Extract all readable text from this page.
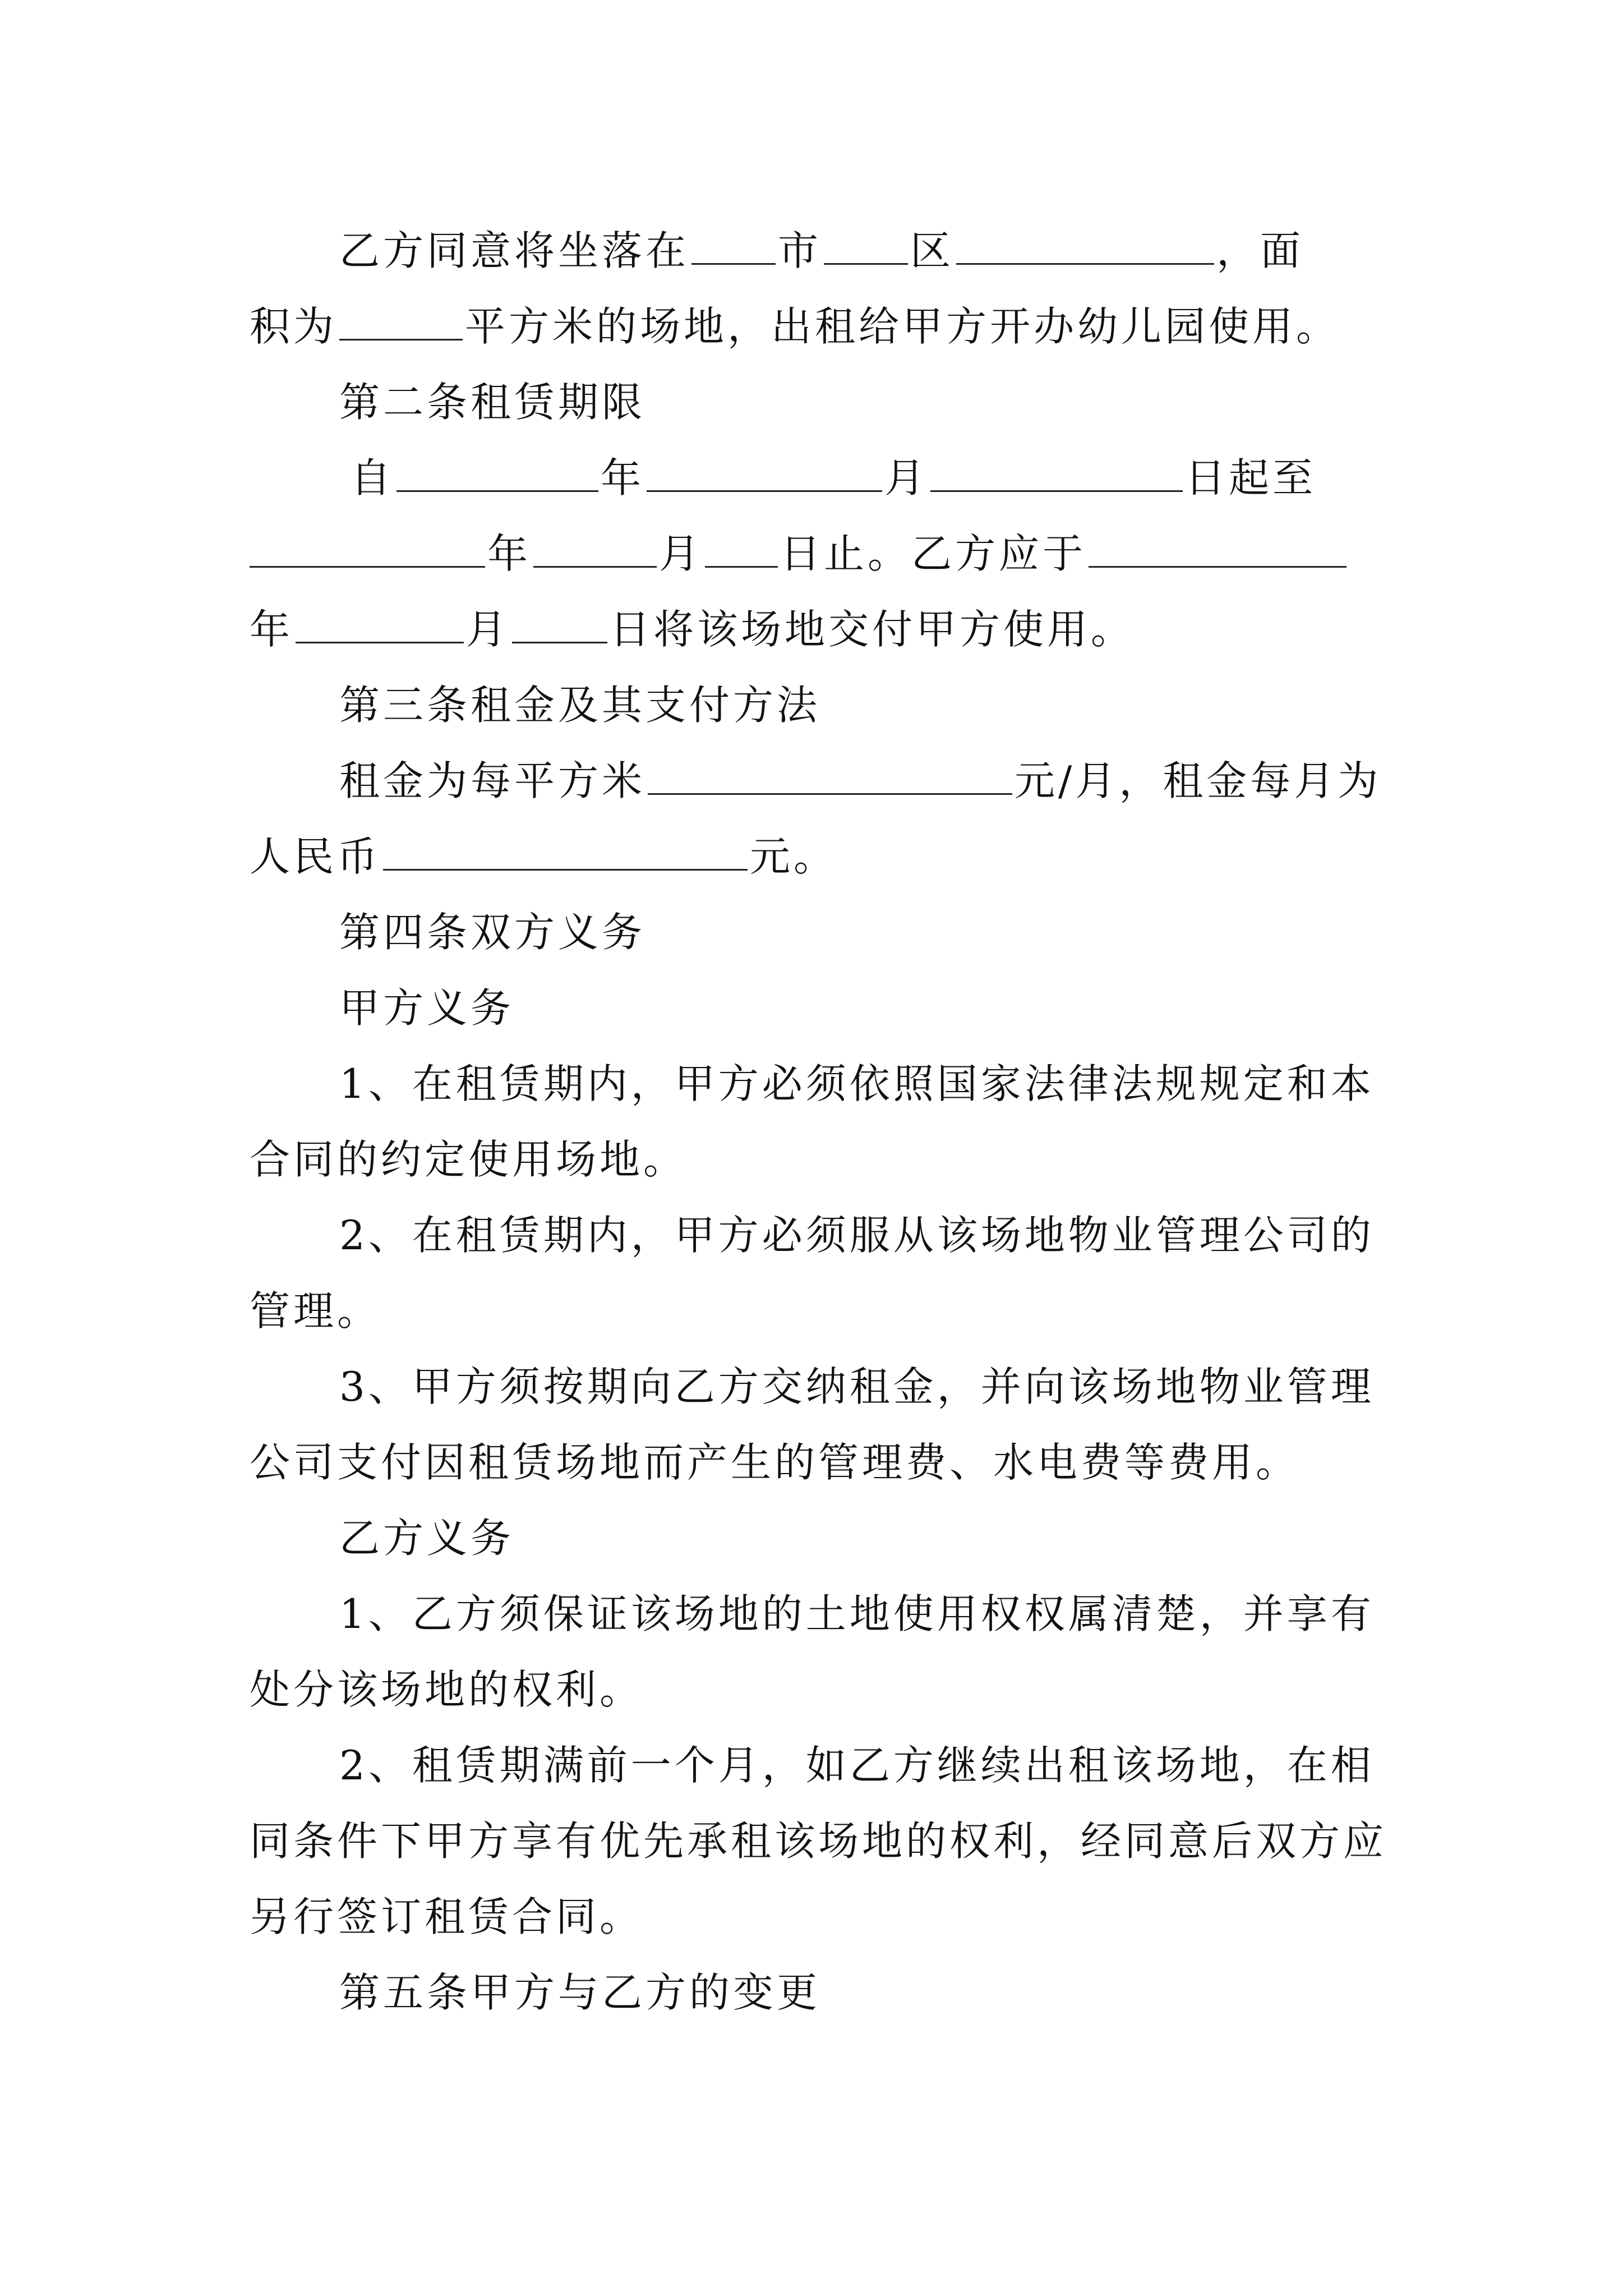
乙方同意将坐落在 市 区	，面
积为	平方米的场地，出租给甲方开办幼儿园使用。
第二条租赁期限
自	年	月	日起至
年	月 日止。乙方应于
年	月 日将该场地交付甲方使用。
第三条租金及其支付方法
租金为每平方米	元/月，租金每月为
人民币	元。
第四条双方义务
甲方义务
1、在租赁期内，甲方必须依照国家法律法规规定和本
合同的约定使用场地。
2、在租赁期内，甲方必须服从该场地物业管理公司的
管理。
3、甲方须按期向乙方交纳租金，并向该场地物业管理
公司支付因租赁场地而产生的管理费、水电费等费用。
乙方义务
1、乙方须保证该场地的土地使用权权属清楚，并享有
处分该场地的权利。
2、租赁期满前一个月，如乙方继续出租该场地，在相
同条件下甲方享有优先承租该场地的权利，经同意后双方应
另行签订租赁合同。
第五条甲方与乙方的变更
